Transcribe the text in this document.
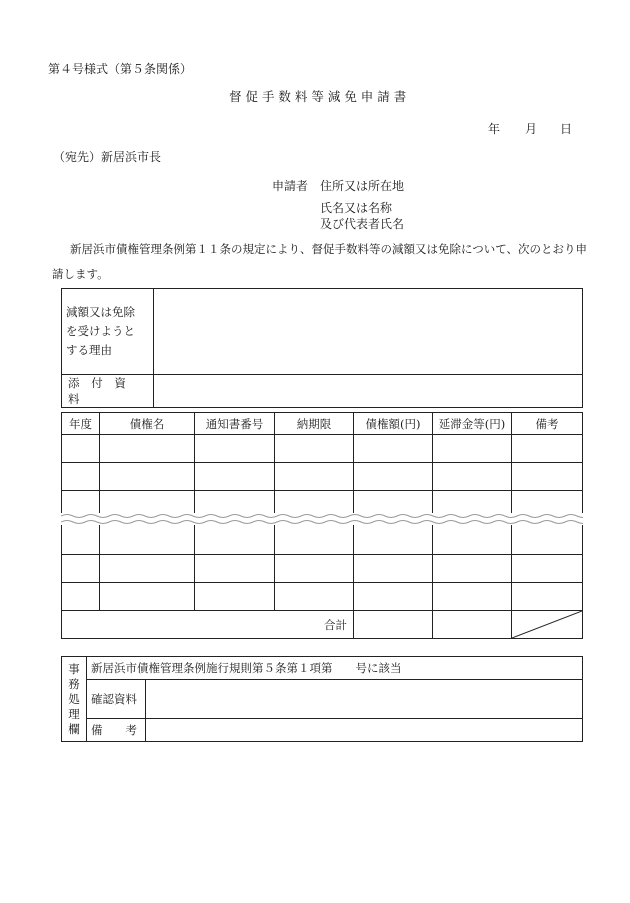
第４号様式（第５条関係）
督 促 手 数 料 等 減 免 申 請 書
年 月 日
（宛先）新居浜市長
申請者 住所又は所在地
氏名又は名称
及び代表者氏名
新居浜市債権管理条例第１１条の規定により、督促手数料等の減額又は免除について、次のとおり申
請します。
減額又は免除
を受けようと
する理由	

添 付 資 料	
年度	債権名	通知書番号	納期限	債権額(円)	延滞金等(円)	備考

合計			
事
務
処
理
欄	新居浜市債権管理条例施行規則第５条第１項第　　号に該当	
	確認資料	
	備　　考	
